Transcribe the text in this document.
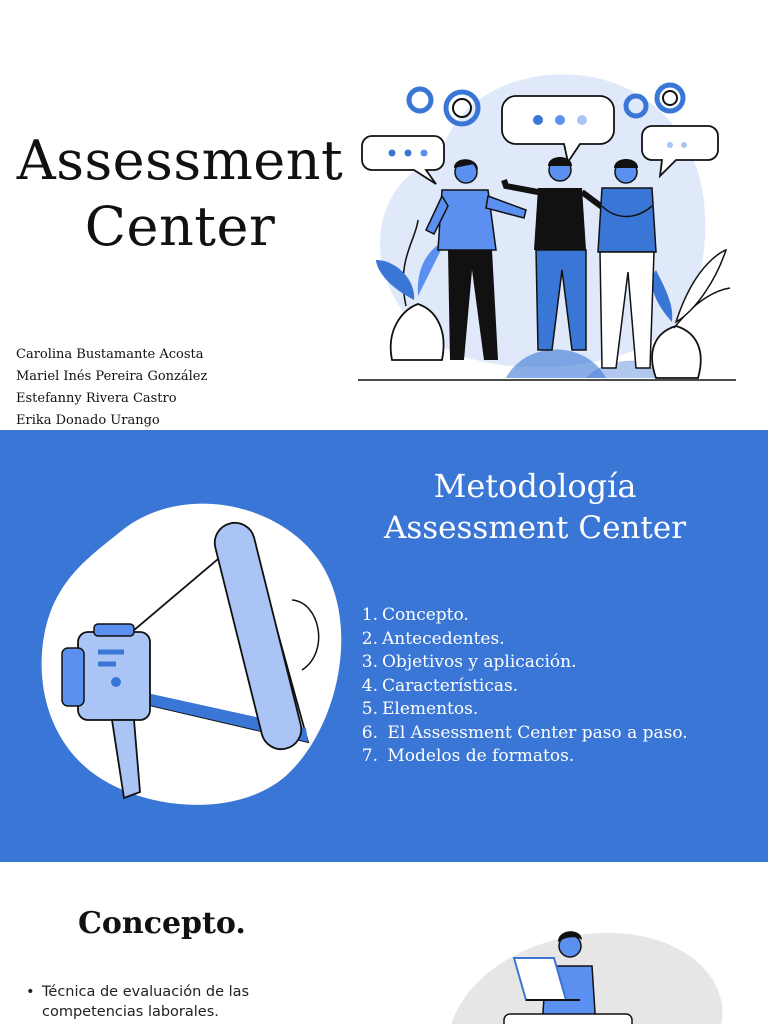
Assessment
Center
Carolina Bustamante Acosta
Mariel Inés Pereira González
Estefanny Rivera Castro
Erika Donado Urango
Metodología
Assessment Center
1. Concepto.
2. Antecedentes.
3. Objetivos y aplicación.
4. Características.
5. Elementos.
6. El Assessment Center paso a paso.
7. Modelos de formatos.
Concepto.
• Técnica de evaluación de las competencias laborales.
